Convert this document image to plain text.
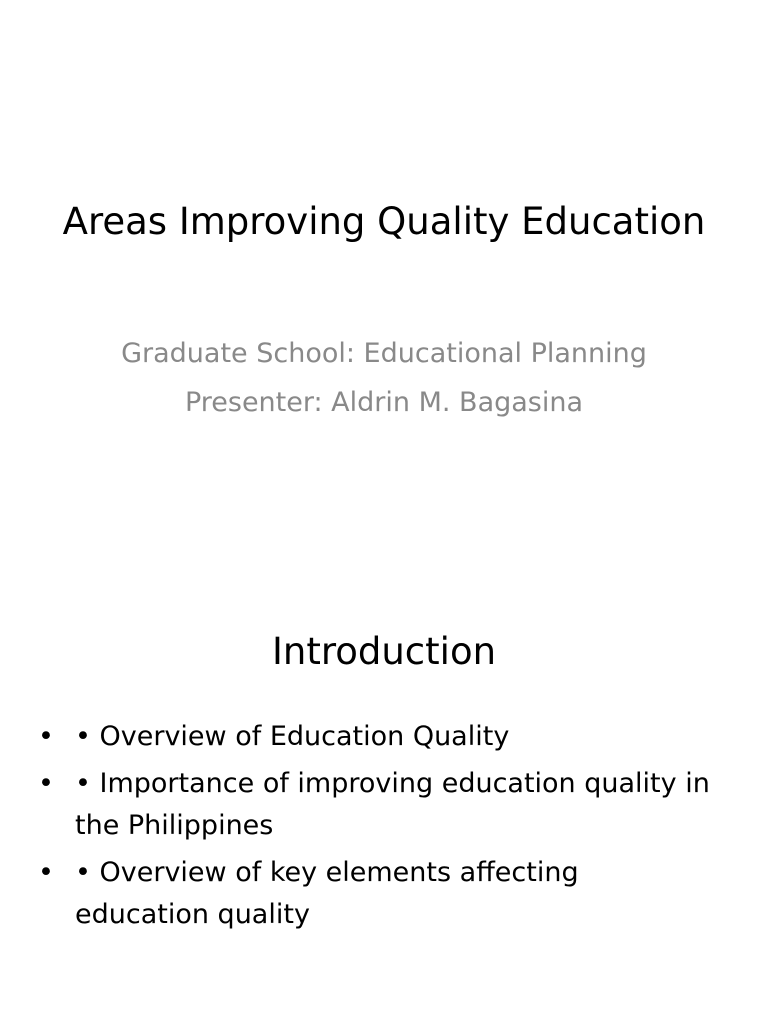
Areas Improving Quality Education

Graduate School: Educational Planning

Presenter: Aldrin M. Bagasina

Introduction
• • Overview of Education Quality
• • Importance of improving education quality in the Philippines
• • Overview of key elements affecting education quality
